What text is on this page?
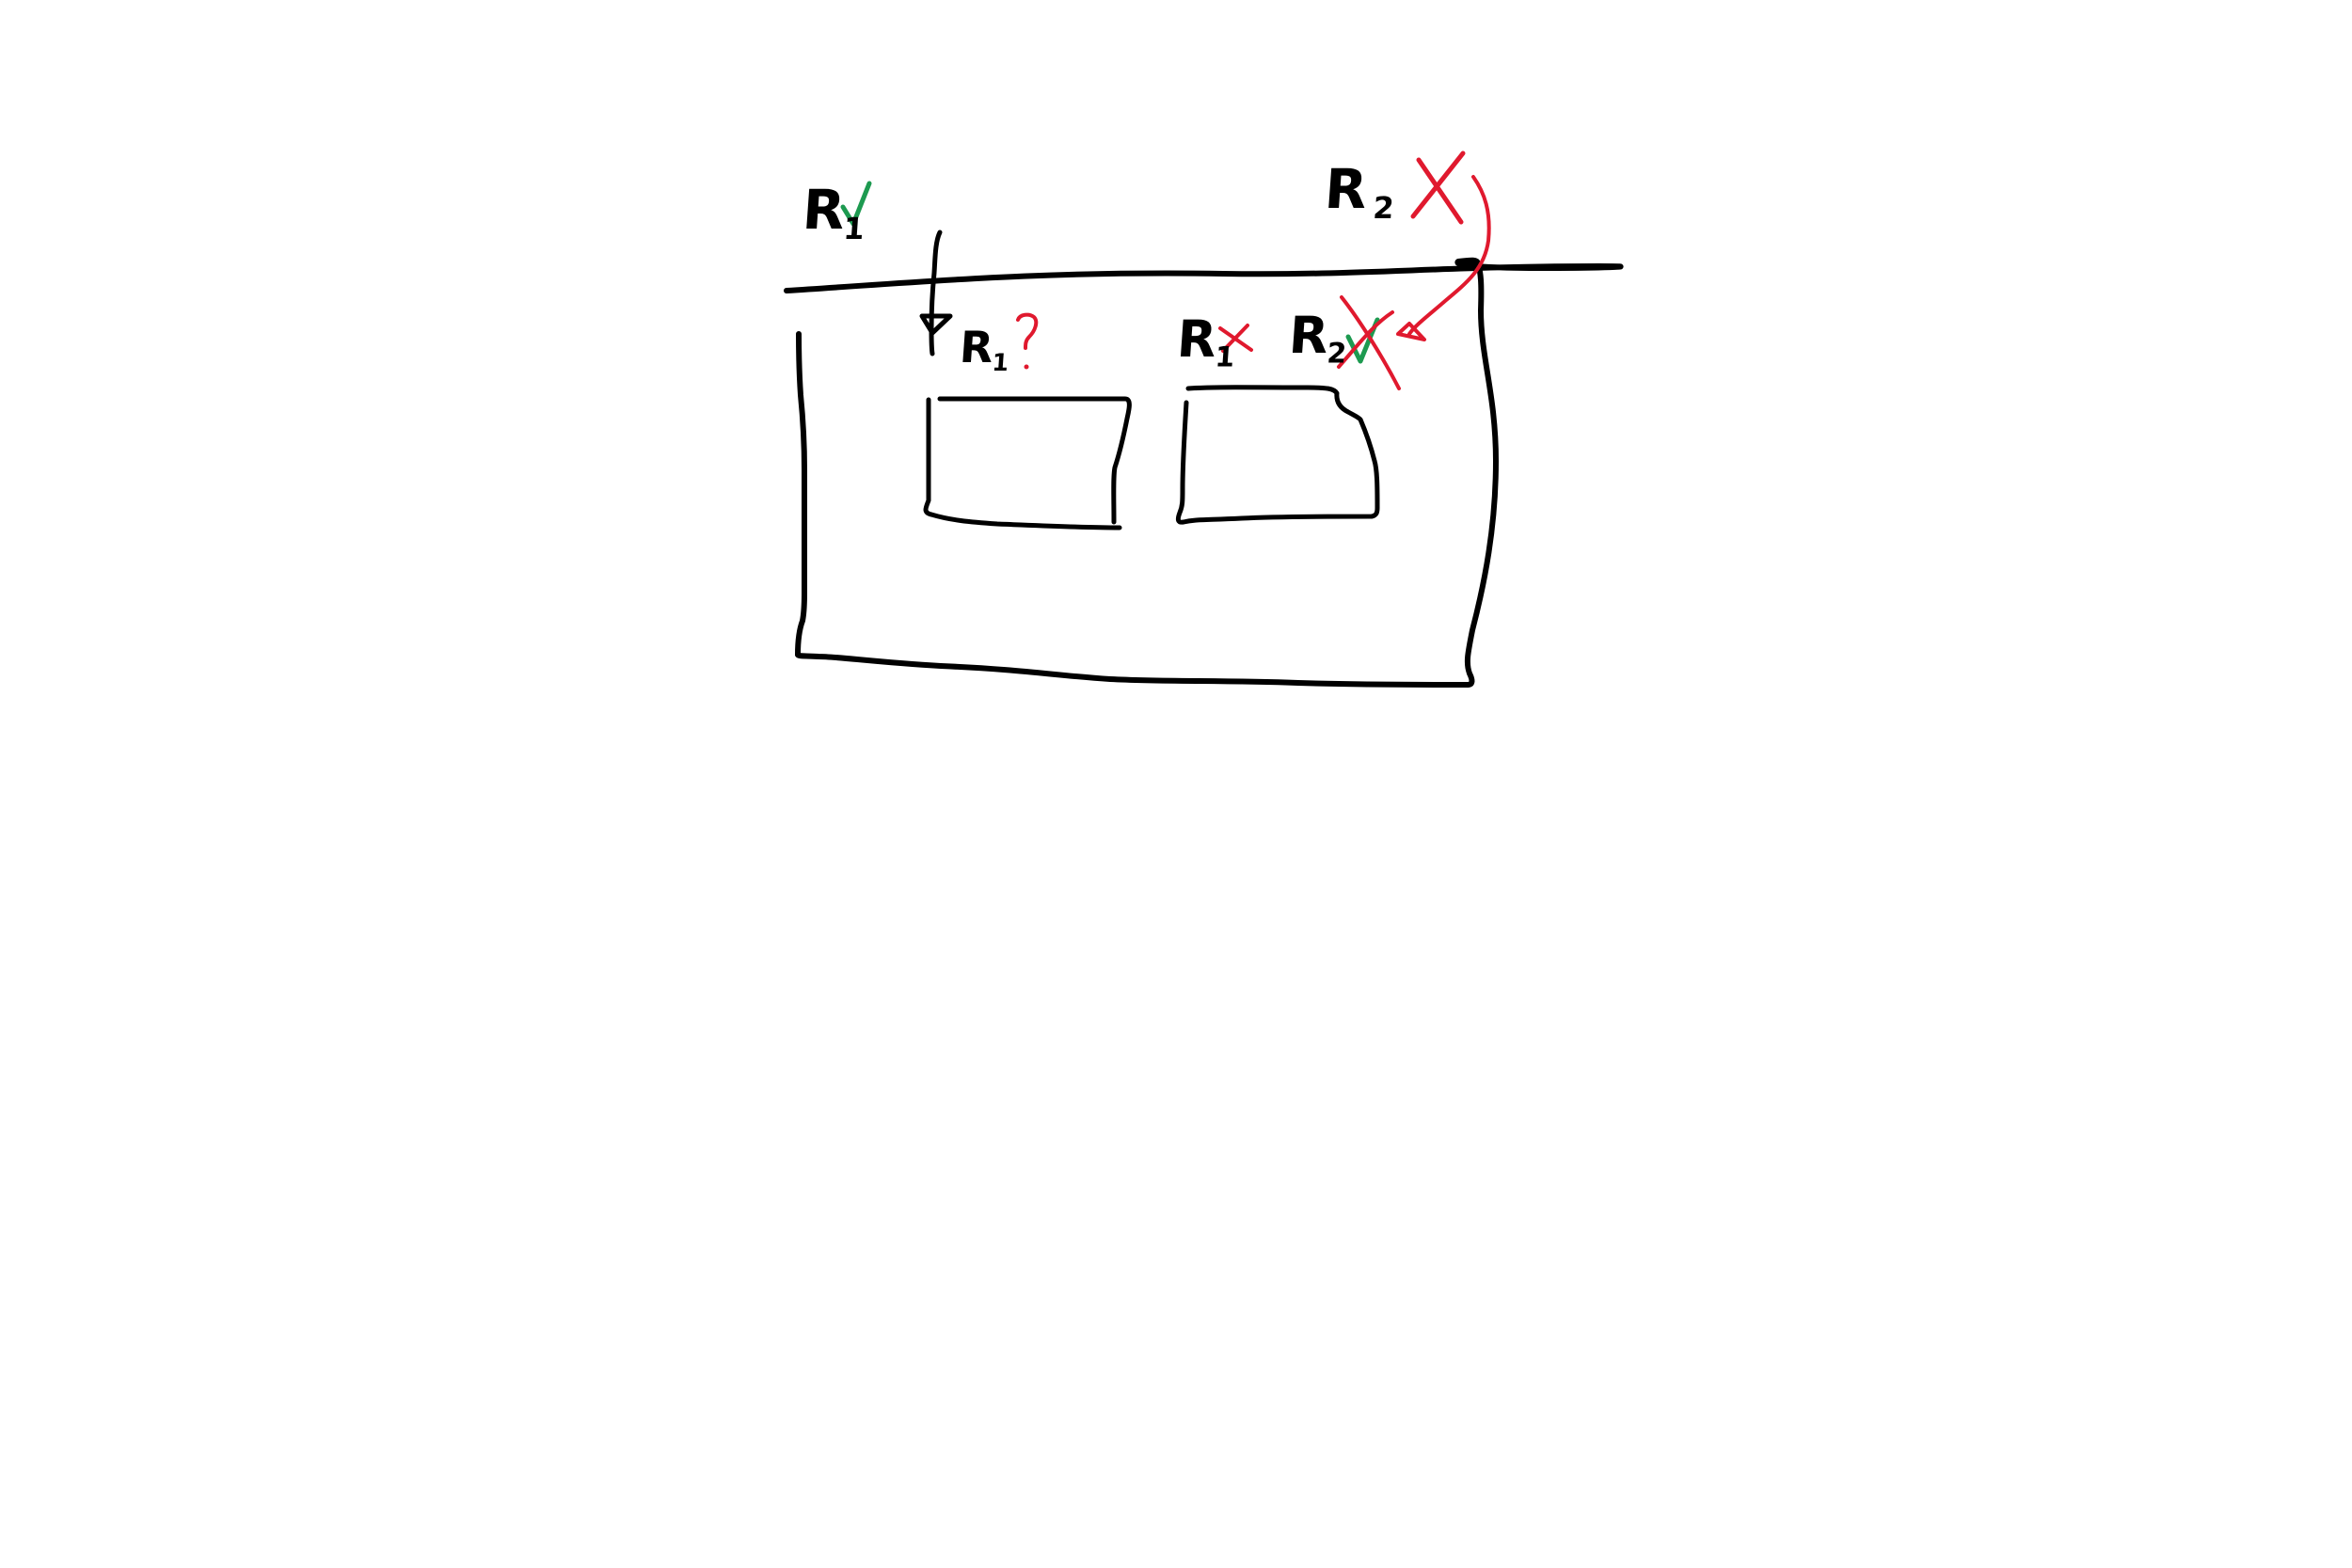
$R_1$
$R_2$
$R_1$	$R_1$ $R_2$
